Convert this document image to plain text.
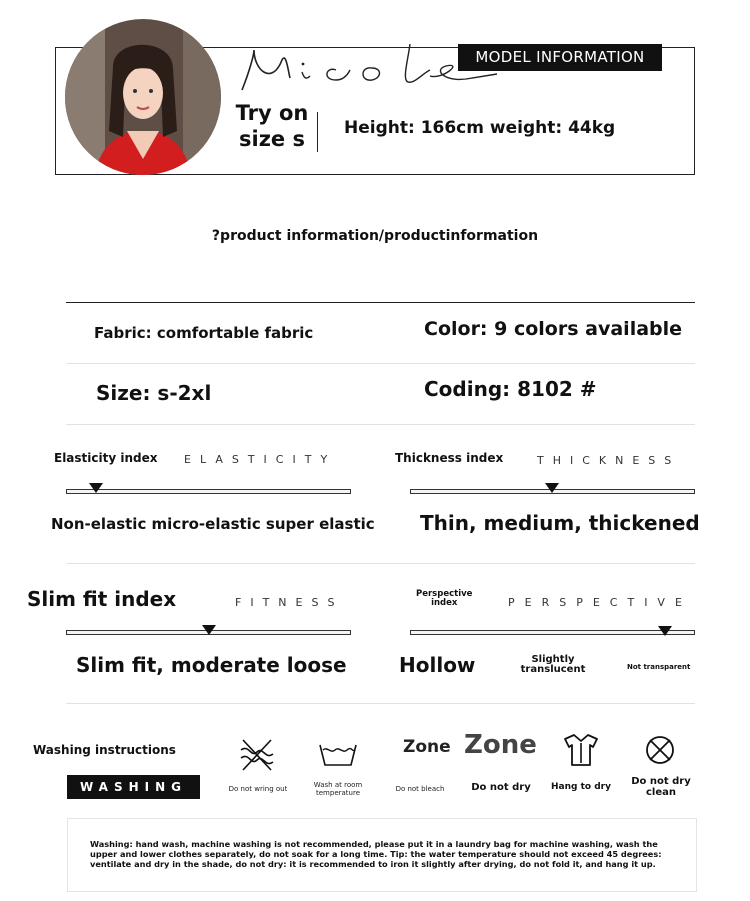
MODEL INFORMATION
Try on
size s	Height: 166cm weight: 44kg
?product information/productinformation
Fabric: comfortable fabric	Color: 9 colors available
Size: s-2xl	Coding: 8102 #
Elasticity index ELASTICITY
Non-elastic micro-elastic super elastic
Thickness index	THICKNESS
Thin, medium, thickened
Slim fit index	FITNESS
Slim fit, moderate loose
Perspective
index	PERSPECTIVE
Hollow	Slightly translucent	Not transparent
Washing instructions
WASHING	Do not wring out	Wash at room temperature
Zone
Do not bleach
Zone
Do not dry	Hang to dry	Do not dry clean
Washing: hand wash, machine washing is not recommended, please put it in a laundry bag for machine washing, wash the upper and lower clothes separately, do not soak for a long time. Tip: the water temperature should not exceed 45 degrees: ventilate and dry in the shade, do not dry: it is recommended to iron it slightly after drying, do not fold it, and hang it up.
